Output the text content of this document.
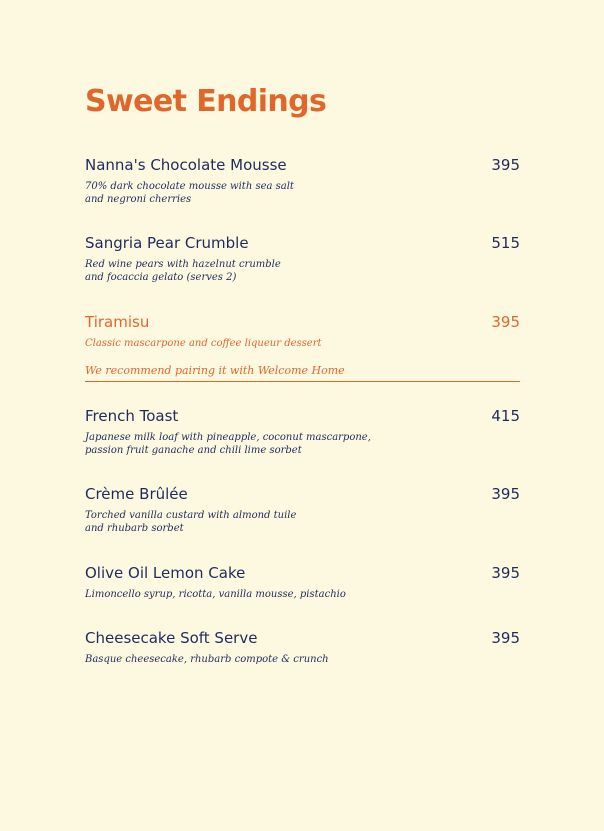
Sweet Endings
Nanna's Chocolate Mousse	395
70% dark chocolate mousse with sea salt
and negroni cherries
Sangria Pear Crumble	515
Red wine pears with hazelnut crumble
and focaccia gelato (serves 2)
Tiramisu	395
Classic mascarpone and coffee liqueur dessert
We recommend pairing it with Welcome Home
French Toast	415
Japanese milk loaf with pineapple, coconut mascarpone,
passion fruit ganache and chili lime sorbet
Crème Brûlée	395
Torched vanilla custard with almond tuile
and rhubarb sorbet
Olive Oil Lemon Cake	395
Limoncello syrup, ricotta, vanilla mousse, pistachio
Cheesecake Soft Serve	395
Basque cheesecake, rhubarb compote & crunch
